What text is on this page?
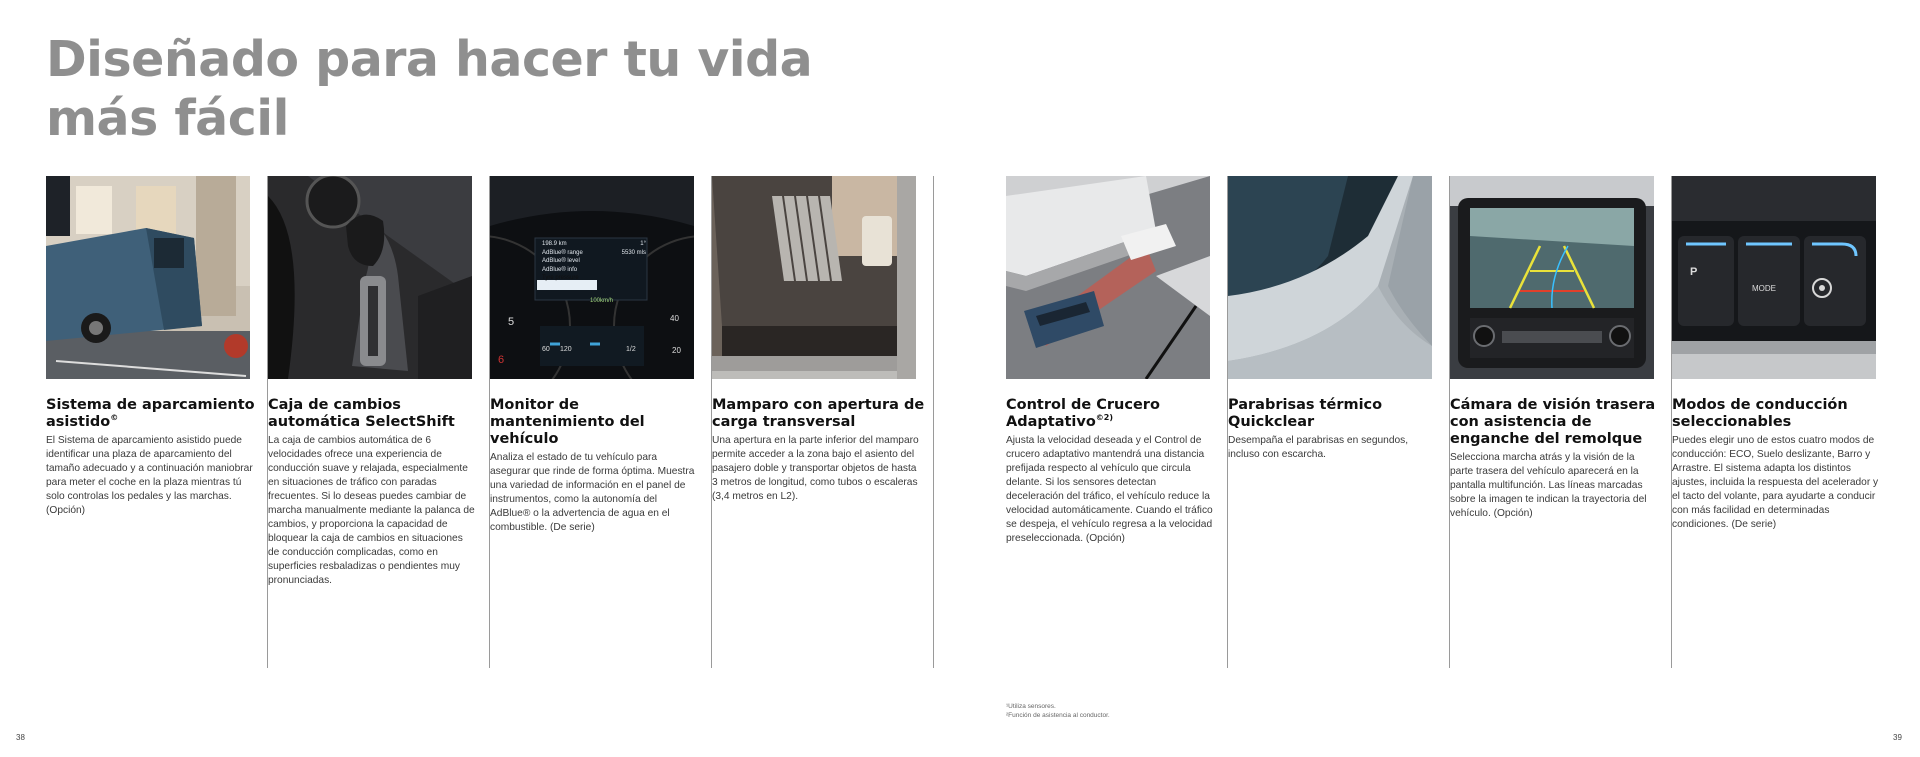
Diseñado para hacer tu vida más fácil
Sistema de aparcamiento asistido©
El Sistema de aparcamiento asistido puede identificar una plaza de aparcamiento del tamaño adecuado y a continuación maniobrar para meter el coche en la plaza mientras tú solo controlas los pedales y las marchas. (Opción)
Caja de cambios automática SelectShift
La caja de cambios automática de 6 velocidades ofrece una experiencia de conducción suave y relajada, especialmente en situaciones de tráfico con paradas frecuentes. Si lo deseas puedes cambiar de marcha manualmente mediante la palanca de cambios, y proporciona la capacidad de bloquear la caja de cambios en situaciones de conducción complicadas, como en superficies resbaladizas o pendientes muy pronunciadas.
198.9 km	1°
AdBlue® range	5530 mls
AdBlue® level
AdBlue® info
Tyre pressure
100km/h
5
6
40
20
60 120	1/2
Monitor de mantenimiento del vehículo
Analiza el estado de tu vehículo para asegurar que rinde de forma óptima. Muestra una variedad de información en el panel de instrumentos, como la autonomía del AdBlue® o la advertencia de agua en el combustible. (De serie)
Mamparo con apertura de carga transversal
Una apertura en la parte inferior del mamparo permite acceder a la zona bajo el asiento del pasajero doble y transportar objetos de hasta 3 metros de longitud, como tubos o escaleras (3,4 metros en L2).
Control de Crucero Adaptativo$^{©2)}$
Ajusta la velocidad deseada y el Control de crucero adaptativo mantendrá una distancia prefijada respecto al vehículo que circula delante. Si los sensores detectan deceleración del tráfico, el vehículo reduce la velocidad automáticamente. Cuando el tráfico se despeja, el vehículo regresa a la velocidad preseleccionada. (Opción)
Parabrisas térmico Quickclear
Desempaña el parabrisas en segundos, incluso con escarcha.
Cámara de visión trasera con asistencia de enganche del remolque
Selecciona marcha atrás y la visión de la parte trasera del vehículo aparecerá en la pantalla multifunción. Las líneas marcadas sobre la imagen te indican la trayectoria del vehículo. (Opción)
P
MODE
Modos de conducción seleccionables
Puedes elegir uno de estos cuatro modos de conducción: ECO, Suelo deslizante, Barro y Arrastre. El sistema adapta los distintos ajustes, incluida la respuesta del acelerador y el tacto del volante, para ayudarte a conducir con más facilidad en determinadas condiciones. (De serie)
¹Utiliza sensores.
²Función de asistencia al conductor.
38	39
